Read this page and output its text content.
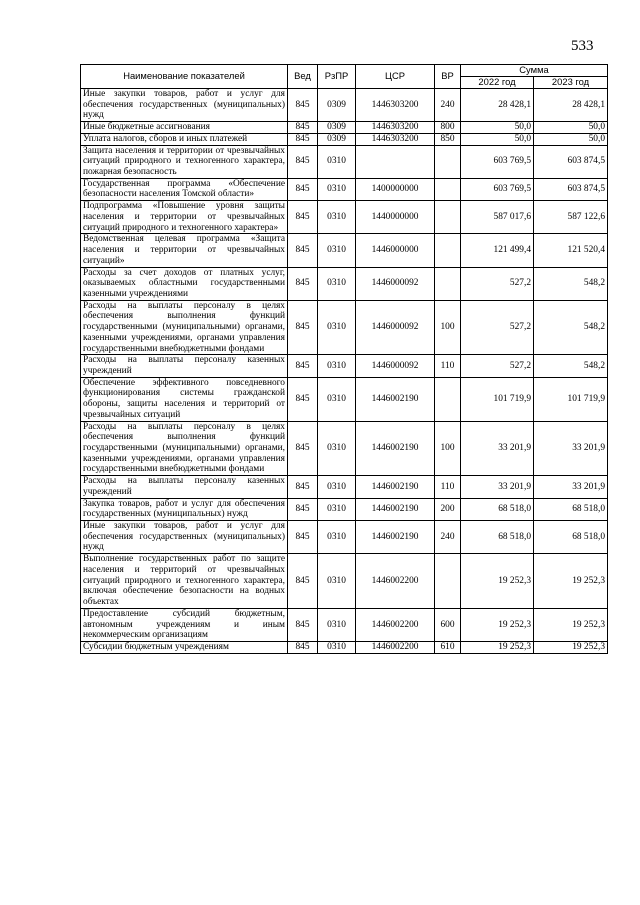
533
Наименование показателей	Вед	РзПР	ЦСР	ВР	Сумма	
					2022 год	2023 год
Иные закупки товаров, работ и услуг для обеспечения государственных (муниципальных) нужд	845	0309	1446303200	240	28 428,1	28 428,1
Иные бюджетные ассигнования	845	0309	1446303200	800	50,0	50,0
Уплата налогов, сборов и иных платежей	845	0309	1446303200	850	50,0	50,0
Защита населения и территории от чрезвычайных ситуаций природного и техногенного характера, пожарная безопасность	845	0310			603 769,5	603 874,5
Государственная программа «Обеспечение безопасности населения Томской области»	845	0310	1400000000		603 769,5	603 874,5
Подпрограмма «Повышение уровня защиты населения и территории от чрезвычайных ситуаций природного и техногенного характера»	845	0310	1440000000		587 017,6	587 122,6
Ведомственная целевая программа «Защита населения и территории от чрезвычайных ситуаций»	845	0310	1446000000		121 499,4	121 520,4
Расходы за счет доходов от платных услуг, оказываемых областными государственными казенными учреждениями	845	0310	1446000092		527,2	548,2
Расходы на выплаты персоналу в целях обеспечения выполнения функций государственными (муниципальными) органами, казенными учреждениями, органами управления государственными внебюджетными фондами	845	0310	1446000092	100	527,2	548,2
Расходы на выплаты персоналу казенных учреждений	845	0310	1446000092	110	527,2	548,2
Обеспечение эффективного повседневного функционирования системы гражданской обороны, защиты населения и территорий от чрезвычайных ситуаций	845	0310	1446002190		101 719,9	101 719,9
Расходы на выплаты персоналу в целях обеспечения выполнения функций государственными (муниципальными) органами, казенными учреждениями, органами управления государственными внебюджетными фондами	845	0310	1446002190	100	33 201,9	33 201,9
Расходы на выплаты персоналу казенных учреждений	845	0310	1446002190	110	33 201,9	33 201,9
Закупка товаров, работ и услуг для обеспечения государственных (муниципальных) нужд	845	0310	1446002190	200	68 518,0	68 518,0
Иные закупки товаров, работ и услуг для обеспечения государственных (муниципальных) нужд	845	0310	1446002190	240	68 518,0	68 518,0
Выполнение государственных работ по защите населения и территорий от чрезвычайных ситуаций природного и техногенного характера, включая обеспечение безопасности на водных объектах	845	0310	1446002200		19 252,3	19 252,3
Предоставление субсидий бюджетным, автономным учреждениям и иным некоммерческим организациям	845	0310	1446002200	600	19 252,3	19 252,3
Субсидии бюджетным учреждениям	845	0310	1446002200	610	19 252,3	19 252,3
